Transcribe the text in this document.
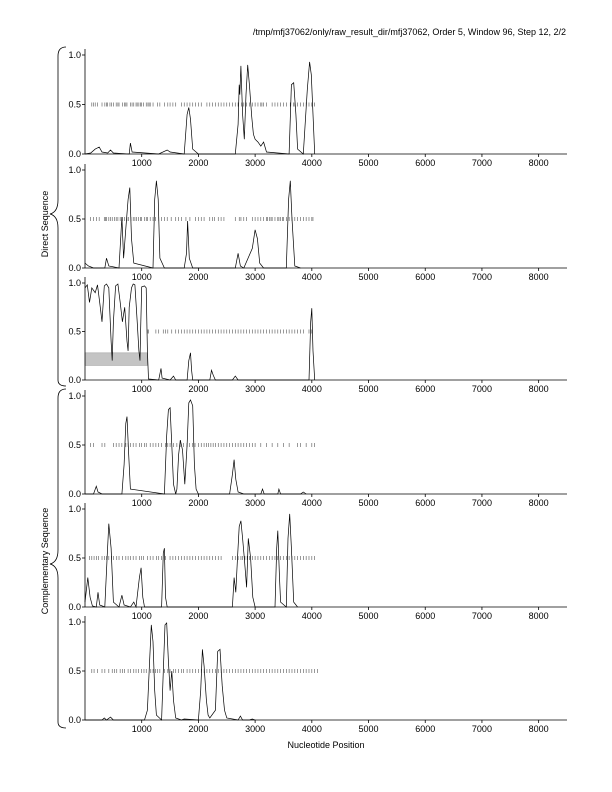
/tmp/mfj37062/only/raw_result_dir/mfj37062, Order 5, Window 96, Step 12, 2/2
0.0
0.5
1.0
1000	2000	3000	4000	5000	6000	7000	8000
0.0
0.5
1.0
1000	2000	3000	4000	5000	6000	7000	8000
0.0
0.5
1.0
1000	2000	3000	4000	5000	6000	7000	8000
0.0
0.5
1.0
1000	2000	3000	4000	5000	6000	7000	8000
0.0
0.5
1.0
1000	2000	3000	4000	5000	6000	7000	8000
0.0
0.5
1.0
1000	2000	3000	4000	5000	6000	7000	8000
Direct Sequence
Complementary Sequence
Nucleotide Position
